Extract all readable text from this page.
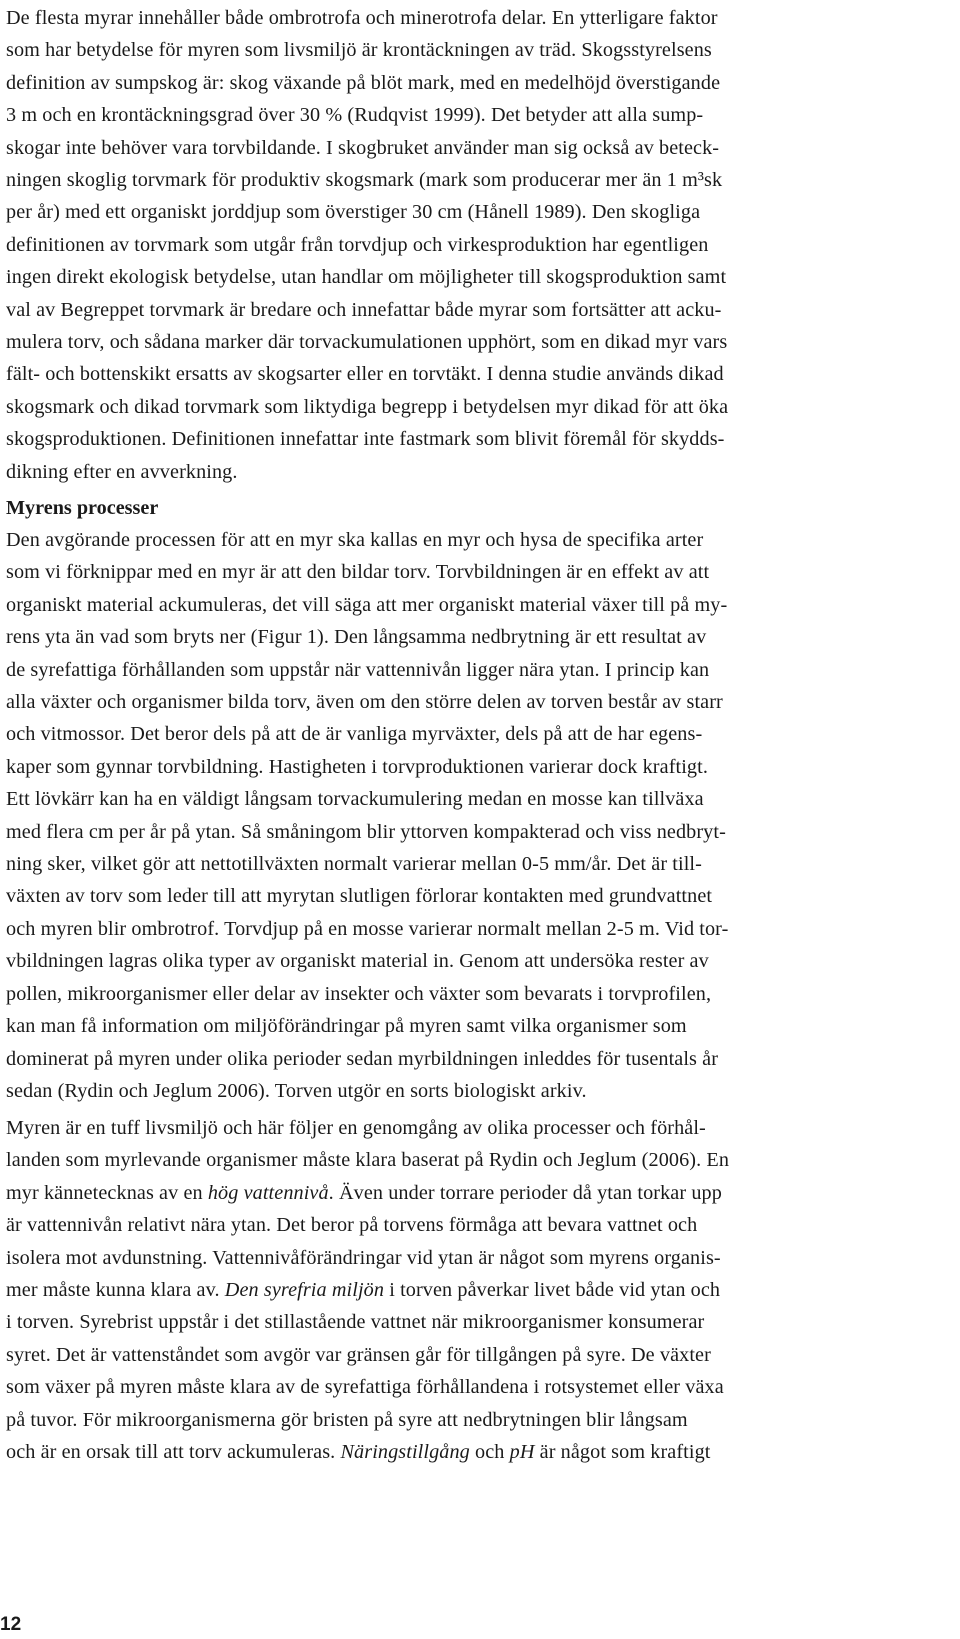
De flesta myrar innehåller både ombrotrofa och minerotrofa delar. En ytterligare faktor
som har betydelse för myren som livsmiljö är krontäckningen av träd. Skogsstyrelsens
definition av sumpskog är: skog växande på blöt mark, med en medelhöjd överstigande
3 m och en krontäckningsgrad över 30 % (Rudqvist 1999). Det betyder att alla sump-
skogar inte behöver vara torvbildande. I skogbruket använder man sig också av beteck-
ningen skoglig torvmark för produktiv skogsmark (mark som producerar mer än 1 m³sk
per år) med ett organiskt jorddjup som överstiger 30 cm (Hånell 1989). Den skogliga
definitionen av torvmark som utgår från torvdjup och virkesproduktion har egentligen
ingen direkt ekologisk betydelse, utan handlar om möjligheter till skogsproduktion samt
val av Begreppet torvmark är bredare och innefattar både myrar som fortsätter att acku-
mulera torv, och sådana marker där torvackumulationen upphört, som en dikad myr vars
fält- och bottenskikt ersatts av skogsarter eller en torvtäkt. I denna studie används dikad
skogsmark och dikad torvmark som liktydiga begrepp i betydelsen myr dikad för att öka
skogsproduktionen. Definitionen innefattar inte fastmark som blivit föremål för skydds-
dikning efter en avverkning.
Myrens processer
Den avgörande processen för att en myr ska kallas en myr och hysa de specifika arter
som vi förknippar med en myr är att den bildar torv. Torvbildningen är en effekt av att
organiskt material ackumuleras, det vill säga att mer organiskt material växer till på my-
rens yta än vad som bryts ner (Figur 1). Den långsamma nedbrytning är ett resultat av
de syrefattiga förhållanden som uppstår när vattennivån ligger nära ytan. I princip kan
alla växter och organismer bilda torv, även om den större delen av torven består av starr
och vitmossor. Det beror dels på att de är vanliga myrväxter, dels på att de har egens-
kaper som gynnar torvbildning. Hastigheten i torvproduktionen varierar dock kraftigt.
Ett lövkärr kan ha en väldigt långsam torvackumulering medan en mosse kan tillväxa
med flera cm per år på ytan. Så småningom blir yttorven kompakterad och viss nedbryt-
ning sker, vilket gör att nettotillväxten normalt varierar mellan 0-5 mm/år. Det är till-
växten av torv som leder till att myrytan slutligen förlorar kontakten med grundvattnet
och myren blir ombrotrof. Torvdjup på en mosse varierar normalt mellan 2-5 m. Vid tor-
vbildningen lagras olika typer av organiskt material in. Genom att undersöka rester av
pollen, mikroorganismer eller delar av insekter och växter som bevarats i torvprofilen,
kan man få information om miljöförändringar på myren samt vilka organismer som
dominerat på myren under olika perioder sedan myrbildningen inleddes för tusentals år
sedan (Rydin och Jeglum 2006). Torven utgör en sorts biologiskt arkiv.
Myren är en tuff livsmiljö och här följer en genomgång av olika processer och förhål-
landen som myrlevande organismer måste klara baserat på Rydin och Jeglum (2006). En
myr kännetecknas av en hög vattennivå. Även under torrare perioder då ytan torkar upp
är vattennivån relativt nära ytan. Det beror på torvens förmåga att bevara vattnet och
isolera mot avdunstning. Vattennivåförändringar vid ytan är något som myrens organis-
mer måste kunna klara av. Den syrefria miljön i torven påverkar livet både vid ytan och
i torven. Syrebrist uppstår i det stillastående vattnet när mikroorganismer konsumerar
syret. Det är vattenståndet som avgör var gränsen går för tillgången på syre. De växter
som växer på myren måste klara av de syrefattiga förhållandena i rotsystemet eller växa
på tuvor. För mikroorganismerna gör bristen på syre att nedbrytningen blir långsam
och är en orsak till att torv ackumuleras. Näringstillgång och pH är något som kraftigt
12
